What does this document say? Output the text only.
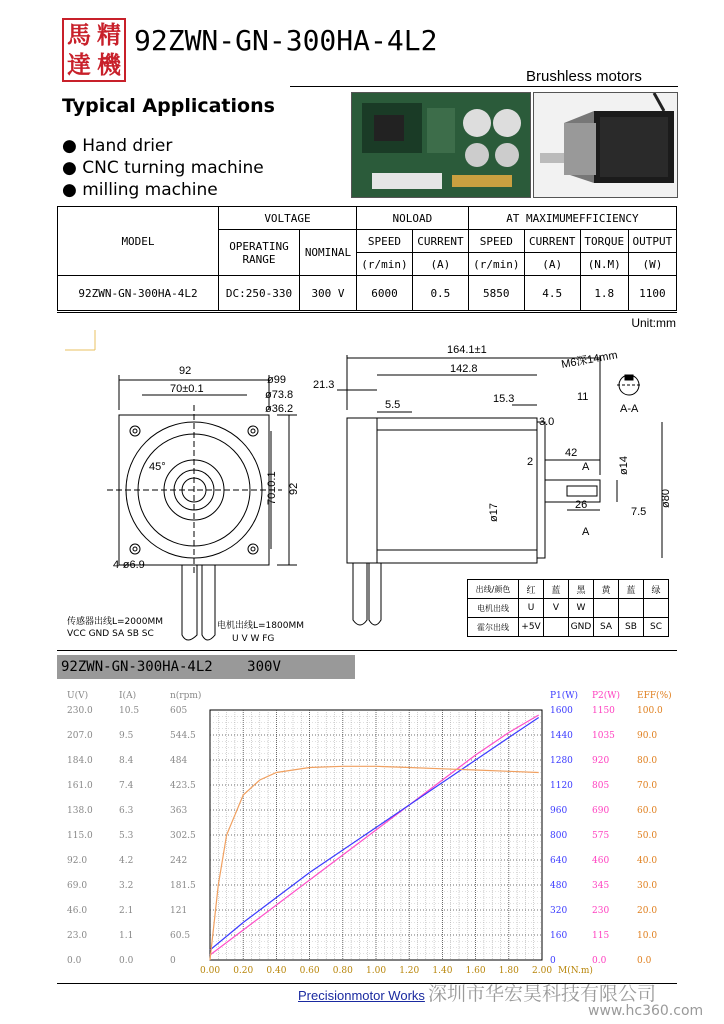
馬 精
達 機
92ZWN-GN-300HA-4L2
Brushless motors
Typical Applications
● Hand drier
● CNC turning machine
● milling machine
MODEL	VOLTAGE		NOLOAD		AT MAXIMUMEFFICIENCY			
	OPERATING
RANGE	NOMINAL	SPEED	CURRENT	SPEED	CURRENT	TORQUE	OUTPUT
			(r/min)	(A)	(r/min)	(A)	(N.M)	(W)
92ZWN-GN-300HA-4L2	DC:250-330	300 V	6000	0.5	5850	4.5	1.8	1100
Unit:mm
92
70±0.1
ø99
ø73.8
ø36.2
4-ø6.9
45°
70±0.1 92
164.1±1
142.8
21.3
5.5	15.3
3.0
42
2
26
7.5
ø17
ø14
ø80
11
M6深14mm
A-A
A
A
传感器出线L=2000MM
VCC GND SA SB SC
电机出线L=1800MM
U V W FG
出线/颜色	红	蓝	黑	黄	蓝	绿
电机出线	U	V	W			
霍尔出线	+5V		GND	SA	SB	SC
92ZWN-GN-300HA-4L2 300V
0.00 0.20 0.40 0.60 0.80 1.00 1.20 1.40 1.60 1.80 2.00 M(N.m)
U(V)
230.0
207.0
184.0
161.0
138.0
115.0
92.0
69.0
46.0
23.0
0.0
I(A)
10.5
9.5
8.4
7.4
6.3
5.3
4.2
3.2
2.1
1.1
0.0
n(rpm)
605
544.5
484
423.5
363
302.5
242
181.5
121
60.5
0
P1(W)
1600
1440
1280
1120
960
800
640
480
320
160
0
P2(W)
1150
1035
920
805
690
575
460
345
230
115
0.0
EFF(%)
100.0
90.0
80.0
70.0
60.0
50.0
40.0
30.0
20.0
10.0
0.0
Precisionmotor Works 深圳市华宏昊科技有限公司
www.hc360.com
